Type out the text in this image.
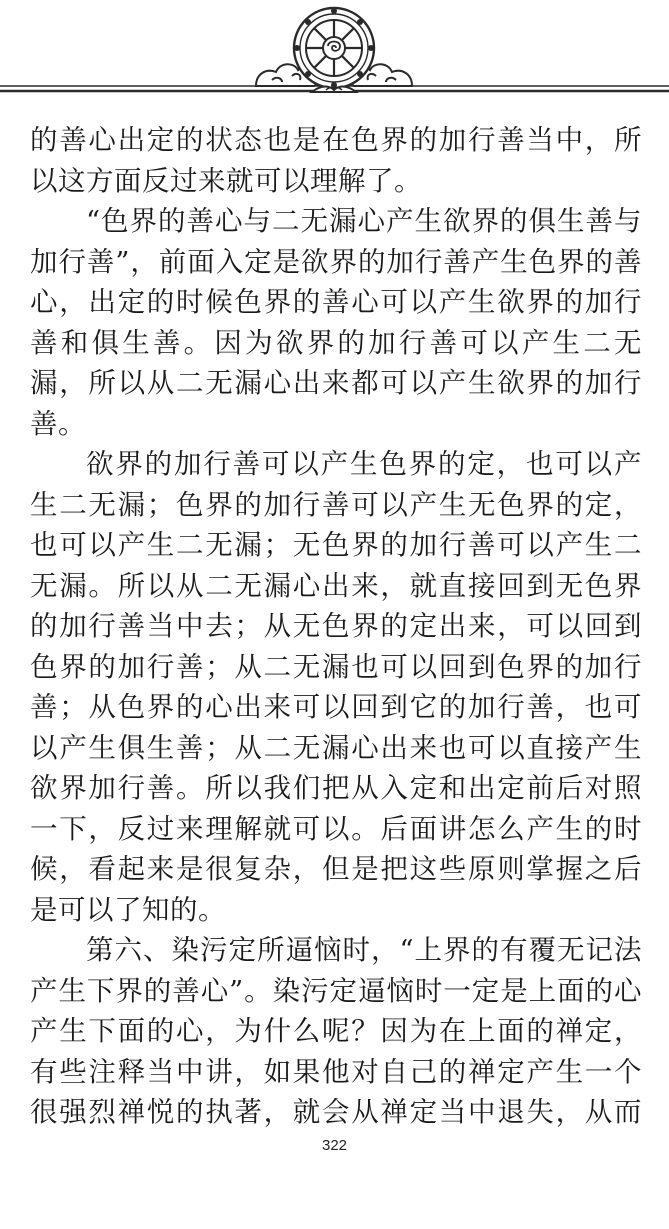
的善心出定的状态也是在色界的加行善当中，所以这方面反过来就可以理解了。

“色界的善心与二无漏心产生欲界的俱生善与加行善”，前面入定是欲界的加行善产生色界的善心，出定的时候色界的善心可以产生欲界的加行善和俱生善。因为欲界的加行善可以产生二无漏，所以从二无漏心出来都可以产生欲界的加行善。

欲界的加行善可以产生色界的定，也可以产生二无漏；色界的加行善可以产生无色界的定，也可以产生二无漏；无色界的加行善可以产生二无漏。所以从二无漏心出来，就直接回到无色界的加行善当中去；从无色界的定出来，可以回到色界的加行善；从二无漏也可以回到色界的加行善；从色界的心出来可以回到它的加行善，也可以产生俱生善；从二无漏心出来也可以直接产生欲界加行善。所以我们把从入定和出定前后对照一下，反过来理解就可以。后面讲怎么产生的时候，看起来是很复杂，但是把这些原则掌握之后是可以了知的。

第六、染污定所逼恼时，“上界的有覆无记法产生下界的善心”。染污定逼恼时一定是上面的心产生下面的心，为什么呢？因为在上面的禅定，有些注释当中讲，如果他对自己的禅定产生一个很强烈禅悦的执著，就会从禅定当中退失，从而

322
